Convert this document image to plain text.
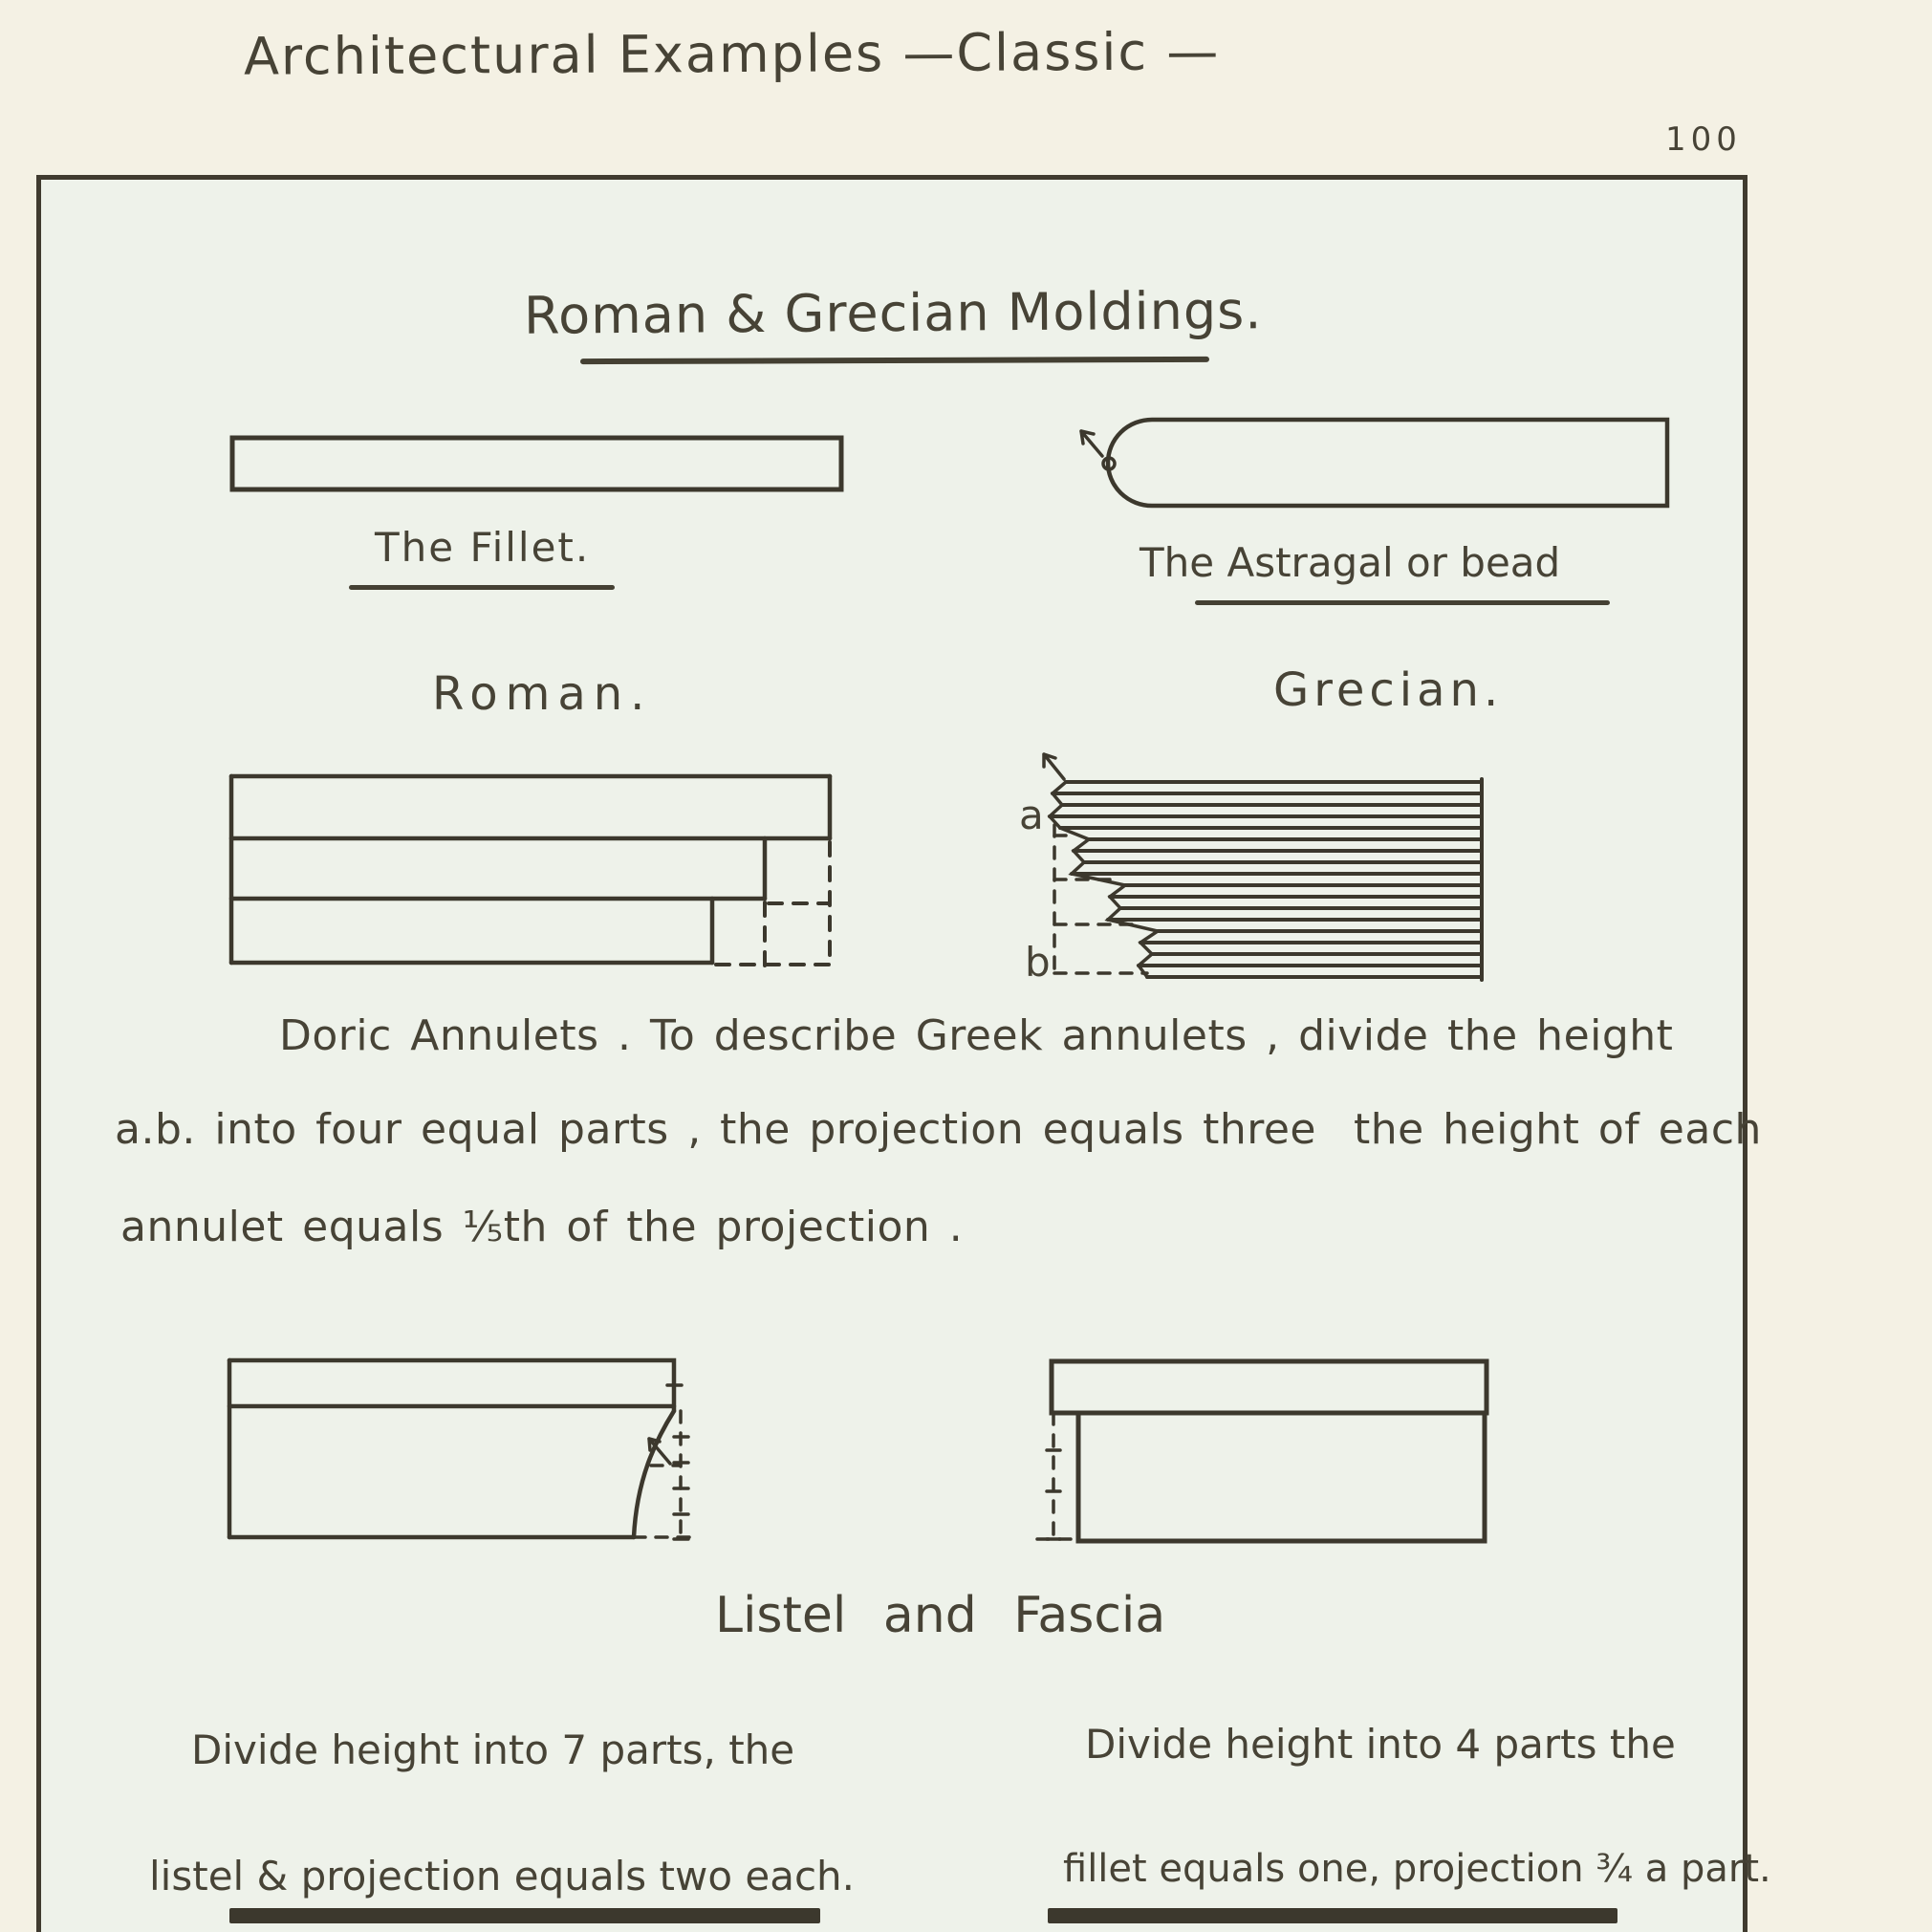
Architectural Examples —Classic —
100
Roman & Grecian Moldings.
The Fillet.	The Astragal or bead
Roman.	Grecian.
a
b
Doric Annulets . To describe Greek annulets , divide the height
a.b. into four equal parts , the projection equals three  the height of each
annulet equals ⅕th of the projection .
Listel and Fascia
Divide height into 7 parts, the
listel & projection equals two each.
Divide height into 4 parts the
fillet equals one, projection ¾ a part.
